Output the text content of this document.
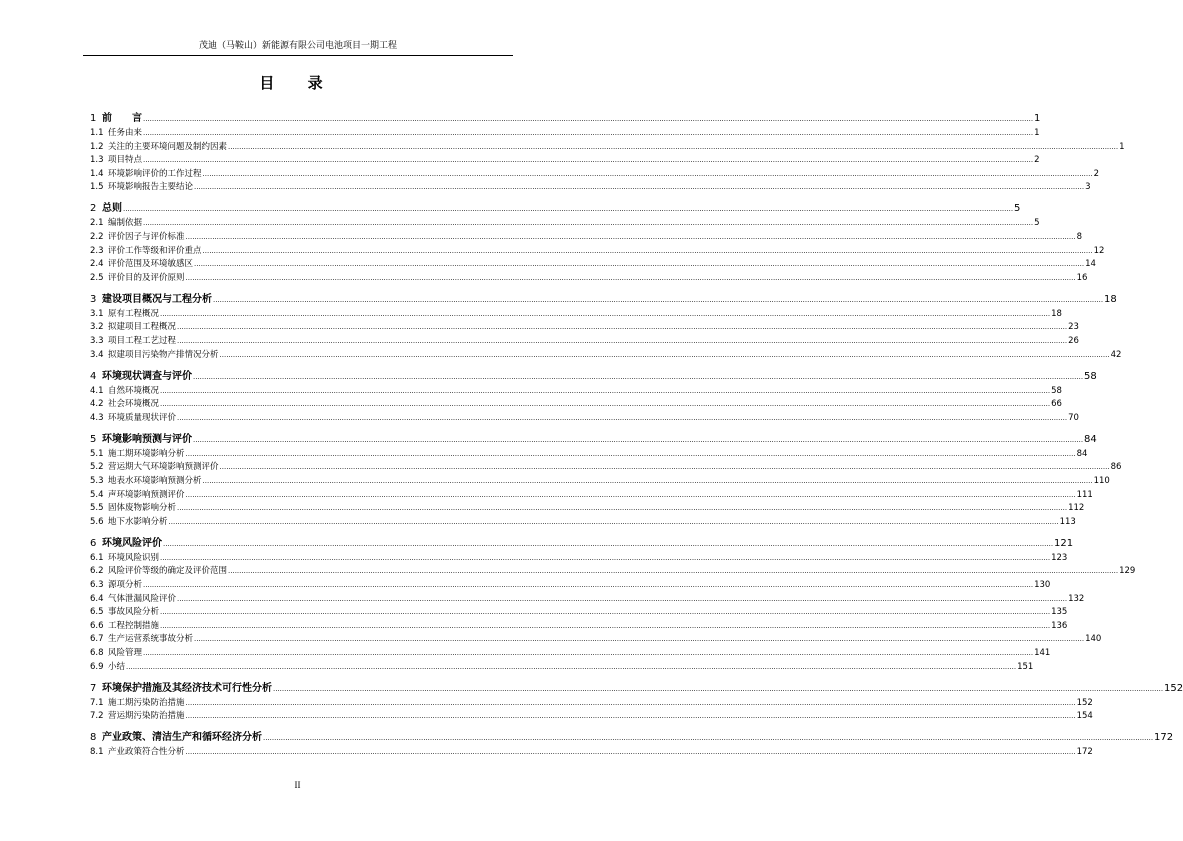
茂迪（马鞍山）新能源有限公司电池项目一期工程
目 录
1 前　　言 ................................................................................................................................................................................................................................................................................................................................................................................................................ 1
1.1 任务由来 ................................................................................................................................................................................................................................................................................................................................................................................................................ 1
1.2 关注的主要环境问题及制约因素 ................................................................................................................................................................................................................................................................................................................................................................................................................ 1
1.3 项目特点 ................................................................................................................................................................................................................................................................................................................................................................................................................ 2
1.4 环境影响评价的工作过程 ................................................................................................................................................................................................................................................................................................................................................................................................................ 2
1.5 环境影响报告主要结论 ................................................................................................................................................................................................................................................................................................................................................................................................................ 3
2 总则 ................................................................................................................................................................................................................................................................................................................................................................................................................ 5
2.1 编制依据 ................................................................................................................................................................................................................................................................................................................................................................................................................ 5
2.2 评价因子与评价标准 ................................................................................................................................................................................................................................................................................................................................................................................................................ 8
2.3 评价工作等级和评价重点 ................................................................................................................................................................................................................................................................................................................................................................................................................ 12
2.4 评价范围及环境敏感区 ................................................................................................................................................................................................................................................................................................................................................................................................................ 14
2.5 评价目的及评价原则 ................................................................................................................................................................................................................................................................................................................................................................................................................ 16
3 建设项目概况与工程分析 ................................................................................................................................................................................................................................................................................................................................................................................................................ 18
3.1 原有工程概况 ................................................................................................................................................................................................................................................................................................................................................................................................................ 18
3.2 拟建项目工程概况 ................................................................................................................................................................................................................................................................................................................................................................................................................ 23
3.3 项目工程工艺过程 ................................................................................................................................................................................................................................................................................................................................................................................................................ 26
3.4 拟建项目污染物产排情况分析 ................................................................................................................................................................................................................................................................................................................................................................................................................ 42
4 环境现状调查与评价 ................................................................................................................................................................................................................................................................................................................................................................................................................ 58
4.1 自然环境概况 ................................................................................................................................................................................................................................................................................................................................................................................................................ 58
4.2 社会环境概况 ................................................................................................................................................................................................................................................................................................................................................................................................................ 66
4.3 环境质量现状评价 ................................................................................................................................................................................................................................................................................................................................................................................................................ 70
5 环境影响预测与评价 ................................................................................................................................................................................................................................................................................................................................................................................................................ 84
5.1 施工期环境影响分析 ................................................................................................................................................................................................................................................................................................................................................................................................................ 84
5.2 营运期大气环境影响预测评价 ................................................................................................................................................................................................................................................................................................................................................................................................................ 86
5.3 地表水环境影响预测分析 ................................................................................................................................................................................................................................................................................................................................................................................................................ 110
5.4 声环境影响预测评价 ................................................................................................................................................................................................................................................................................................................................................................................................................ 111
5.5 固体废物影响分析 ................................................................................................................................................................................................................................................................................................................................................................................................................ 112
5.6 地下水影响分析 ................................................................................................................................................................................................................................................................................................................................................................................................................ 113
6 环境风险评价 ................................................................................................................................................................................................................................................................................................................................................................................................................ 121
6.1 环境风险识别 ................................................................................................................................................................................................................................................................................................................................................................................................................ 123
6.2 风险评价等级的确定及评价范围 ................................................................................................................................................................................................................................................................................................................................................................................................................ 129
6.3 源项分析 ................................................................................................................................................................................................................................................................................................................................................................................................................ 130
6.4 气体泄漏风险评价 ................................................................................................................................................................................................................................................................................................................................................................................................................ 132
6.5 事故风险分析 ................................................................................................................................................................................................................................................................................................................................................................................................................ 135
6.6 工程控制措施 ................................................................................................................................................................................................................................................................................................................................................................................................................ 136
6.7 生产运营系统事故分析 ................................................................................................................................................................................................................................................................................................................................................................................................................ 140
6.8 风险管理 ................................................................................................................................................................................................................................................................................................................................................................................................................ 141
6.9 小结 ................................................................................................................................................................................................................................................................................................................................................................................................................ 151
7 环境保护措施及其经济技术可行性分析 ................................................................................................................................................................................................................................................................................................................................................................................................................ 152
7.1 施工期污染防治措施 ................................................................................................................................................................................................................................................................................................................................................................................................................ 152
7.2 营运期污染防治措施 ................................................................................................................................................................................................................................................................................................................................................................................................................ 154
8 产业政策、清洁生产和循环经济分析 ................................................................................................................................................................................................................................................................................................................................................................................................................ 172
8.1 产业政策符合性分析 ................................................................................................................................................................................................................................................................................................................................................................................................................ 172
II
